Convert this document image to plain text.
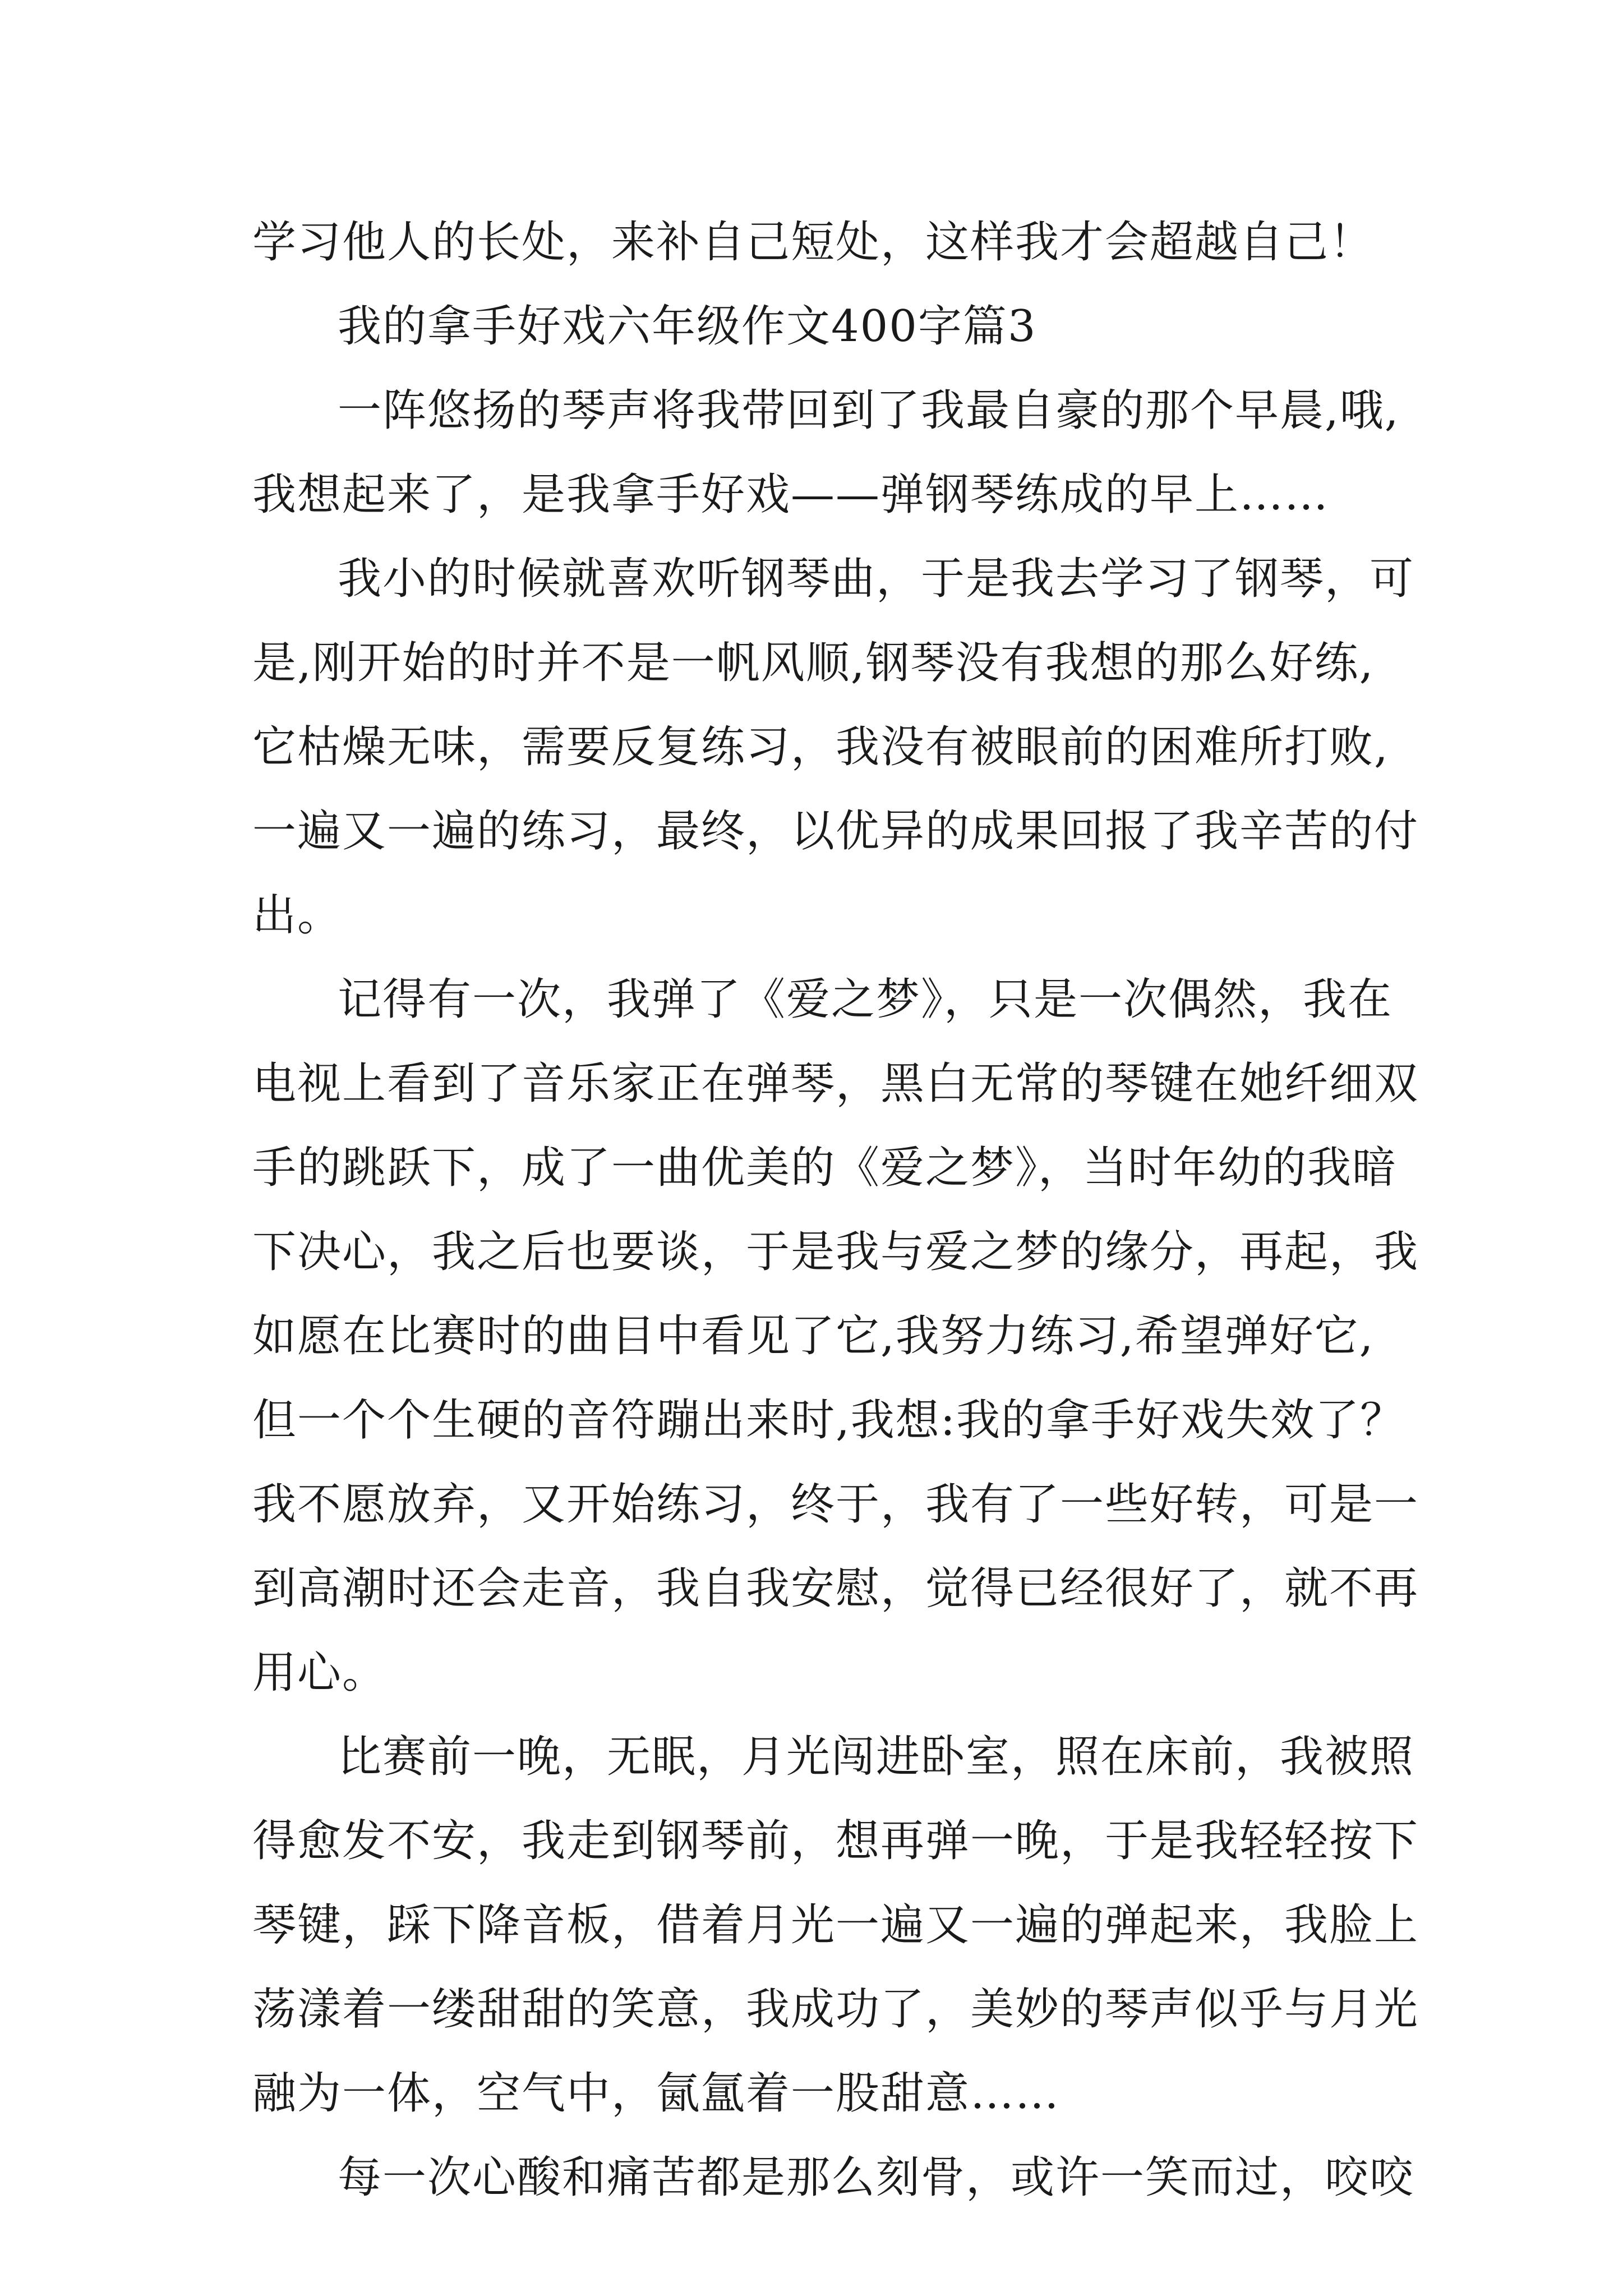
学习他人的长处，来补自己短处，这样我才会超越自己！

我的拿手好戏六年级作文400字篇3

一阵悠扬的琴声将我带回到了我最自豪的那个早晨,哦,

我想起来了，是我拿手好戏——弹钢琴练成的早上……

我小的时候就喜欢听钢琴曲，于是我去学习了钢琴，可

是,刚开始的时并不是一帆风顺,钢琴没有我想的那么好练,

它枯燥无味，需要反复练习，我没有被眼前的困难所打败,

一遍又一遍的练习，最终，以优异的成果回报了我辛苦的付

出。

记得有一次，我弹了《爱之梦》，只是一次偶然，我在

电视上看到了音乐家正在弹琴，黑白无常的琴键在她纤细双

手的跳跃下，成了一曲优美的《爱之梦》，当时年幼的我暗

下决心，我之后也要谈，于是我与爱之梦的缘分，再起，我

如愿在比赛时的曲目中看见了它,我努力练习,希望弹好它,

但一个个生硬的音符蹦出来时,我想:我的拿手好戏失效了？

我不愿放弃，又开始练习，终于，我有了一些好转，可是一

到高潮时还会走音，我自我安慰，觉得已经很好了，就不再

用心。

比赛前一晚，无眠，月光闯进卧室，照在床前，我被照

得愈发不安，我走到钢琴前，想再弹一晚，于是我轻轻按下

琴键，踩下降音板，借着月光一遍又一遍的弹起来，我脸上

荡漾着一缕甜甜的笑意，我成功了，美妙的琴声似乎与月光

融为一体，空气中，氤氲着一股甜意……

每一次心酸和痛苦都是那么刻骨，或许一笑而过，咬咬
